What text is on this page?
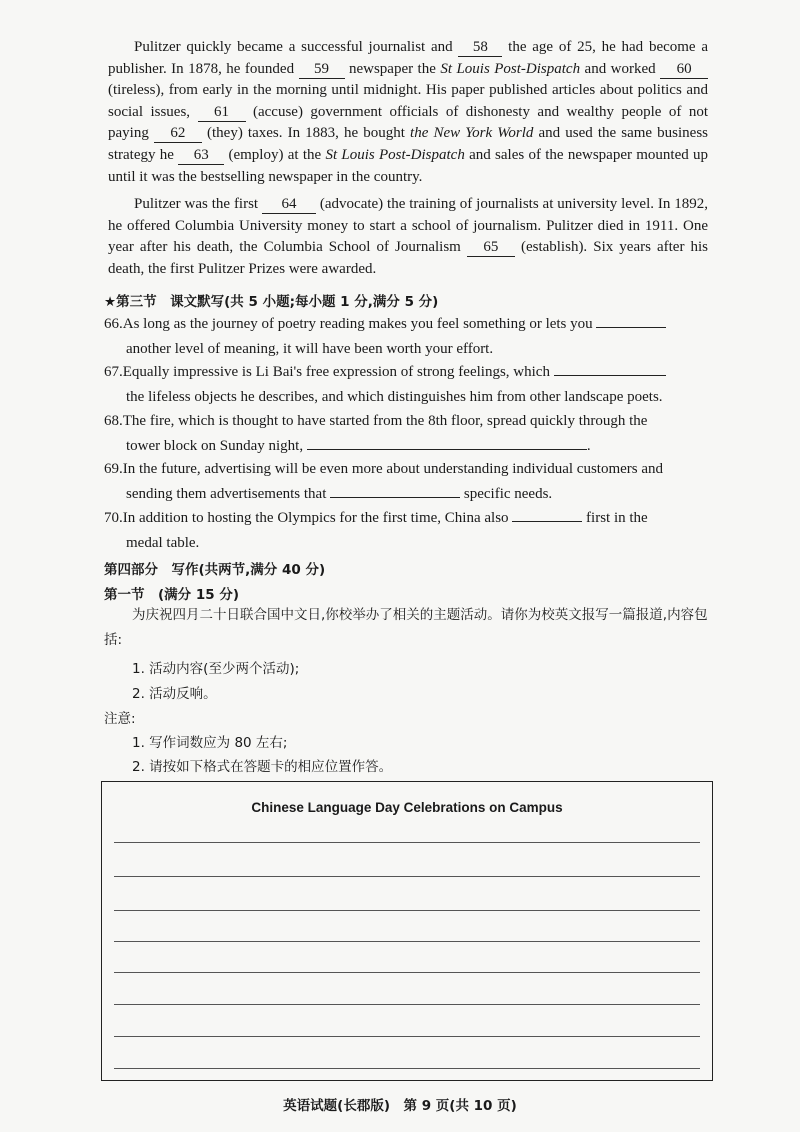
Pulitzer quickly became a successful journalist and 58 the age of 25, he had become a publisher. In 1878, he founded 59 newspaper the St Louis Post-Dispatch and worked 60 (tireless), from early in the morning until midnight. His paper published articles about politics and social issues, 61 (accuse) government officials of dishonesty and wealthy people of not paying 62 (they) taxes. In 1883, he bought the New York World and used the same business strategy he 63 (employ) at the St Louis Post-Dispatch and sales of the newspaper mounted up until it was the bestselling newspaper in the country.

Pulitzer was the first 64 (advocate) the training of journalists at university level. In 1892, he offered Columbia University money to start a school of journalism. Pulitzer died in 1911. One year after his death, the Columbia School of Journalism 65 (establish). Six years after his death, the first Pulitzer Prizes were awarded.

★第三节　课文默写(共 5 小题;每小题 1 分,满分 5 分)
66.As long as the journey of poetry reading makes you feel something or lets you
another level of meaning, it will have been worth your effort.
67.Equally impressive is Li Bai's free expression of strong feelings, which
the lifeless objects he describes, and which distinguishes him from other landscape poets.
68.The fire, which is thought to have started from the 8th floor, spread quickly through the
tower block on Sunday night,	.
69.In the future, advertising will be even more about understanding individual customers and
sending them advertisements that	specific needs.
70.In addition to hosting the Olympics for the first time, China also	first in the
medal table.
第四部分　写作(共两节,满分 40 分)
第一节　(满分 15 分)
为庆祝四月二十日联合国中文日,你校举办了相关的主题活动。请你为校英文报写一篇报道,内容包括:
1. 活动内容(至少两个活动);
2. 活动反响。
注意:
1. 写作词数应为 80 左右;
2. 请按如下格式在答题卡的相应位置作答。
Chinese Language Day Celebrations on Campus
英语试题(长郡版)　第 9 页(共 10 页)
